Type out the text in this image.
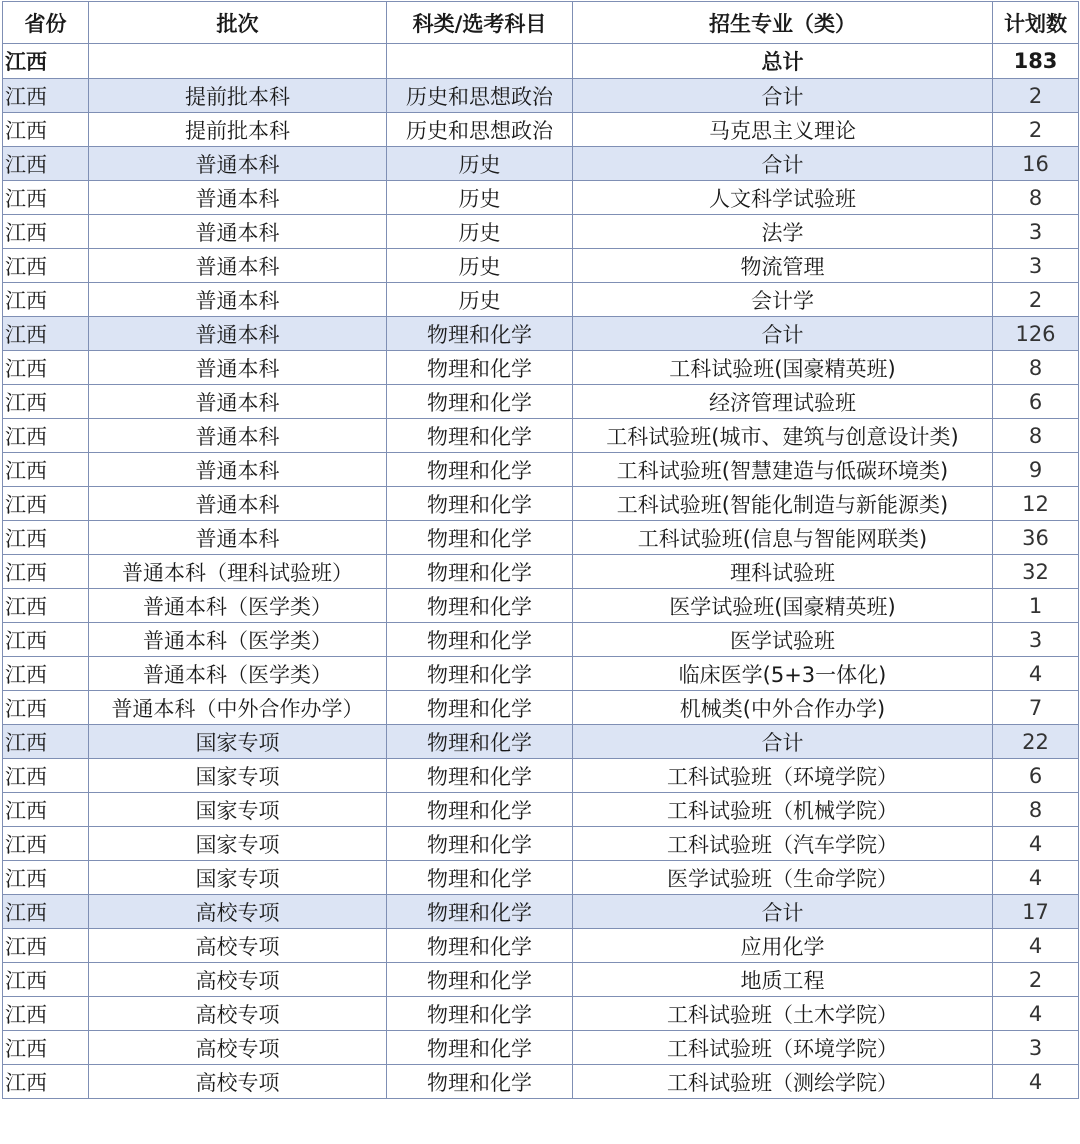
省份	批次	科类/选考科目	招生专业（类）	计划数
江西			总计	183
江西	提前批本科	历史和思想政治	合计	2
江西	提前批本科	历史和思想政治	马克思主义理论	2
江西	普通本科	历史	合计	16
江西	普通本科	历史	人文科学试验班	8
江西	普通本科	历史	法学	3
江西	普通本科	历史	物流管理	3
江西	普通本科	历史	会计学	2
江西	普通本科	物理和化学	合计	126
江西	普通本科	物理和化学	工科试验班(国豪精英班)	8
江西	普通本科	物理和化学	经济管理试验班	6
江西	普通本科	物理和化学	工科试验班(城市、建筑与创意设计类)	8
江西	普通本科	物理和化学	工科试验班(智慧建造与低碳环境类)	9
江西	普通本科	物理和化学	工科试验班(智能化制造与新能源类)	12
江西	普通本科	物理和化学	工科试验班(信息与智能网联类)	36
江西	普通本科（理科试验班）	物理和化学	理科试验班	32
江西	普通本科（医学类）	物理和化学	医学试验班(国豪精英班)	1
江西	普通本科（医学类）	物理和化学	医学试验班	3
江西	普通本科（医学类）	物理和化学	临床医学(5+3一体化)	4
江西	普通本科（中外合作办学）	物理和化学	机械类(中外合作办学)	7
江西	国家专项	物理和化学	合计	22
江西	国家专项	物理和化学	工科试验班（环境学院）	6
江西	国家专项	物理和化学	工科试验班（机械学院）	8
江西	国家专项	物理和化学	工科试验班（汽车学院）	4
江西	国家专项	物理和化学	医学试验班（生命学院）	4
江西	高校专项	物理和化学	合计	17
江西	高校专项	物理和化学	应用化学	4
江西	高校专项	物理和化学	地质工程	2
江西	高校专项	物理和化学	工科试验班（土木学院）	4
江西	高校专项	物理和化学	工科试验班（环境学院）	3
江西	高校专项	物理和化学	工科试验班（测绘学院）	4
